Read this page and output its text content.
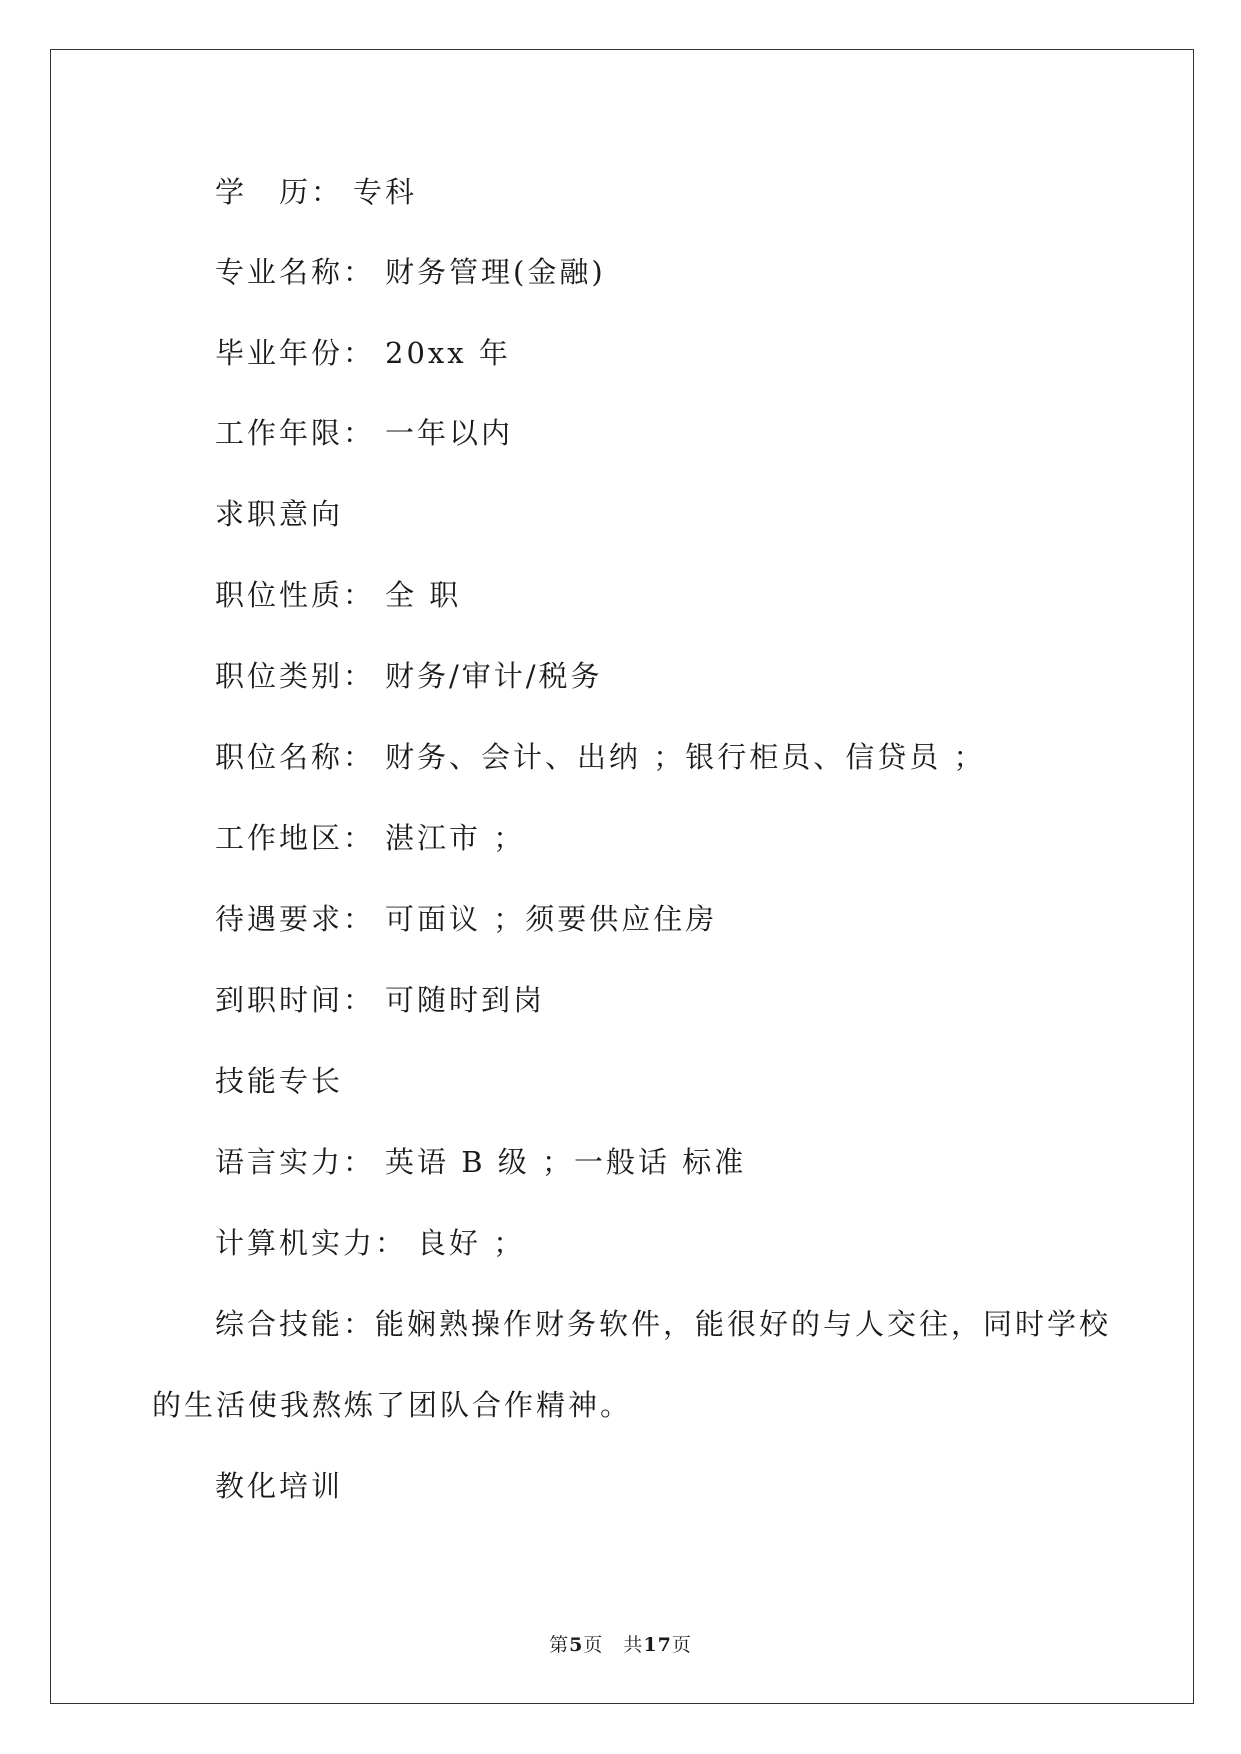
学　历： 专科
专业名称： 财务管理(金融)
毕业年份： 20xx 年
工作年限： 一年以内
求职意向
职位性质： 全 职
职位类别： 财务/审计/税务
职位名称： 财务、会计、出纳 ；银行柜员、信贷员 ；
工作地区： 湛江市 ；
待遇要求： 可面议 ；须要供应住房
到职时间： 可随时到岗
技能专长
语言实力： 英语 B 级 ；一般话 标准
计算机实力： 良好 ；
综合技能：能娴熟操作财务软件，能很好的与人交往，同时学校
的生活使我熬炼了团队合作精神。
教化培训
第5页 共17页
